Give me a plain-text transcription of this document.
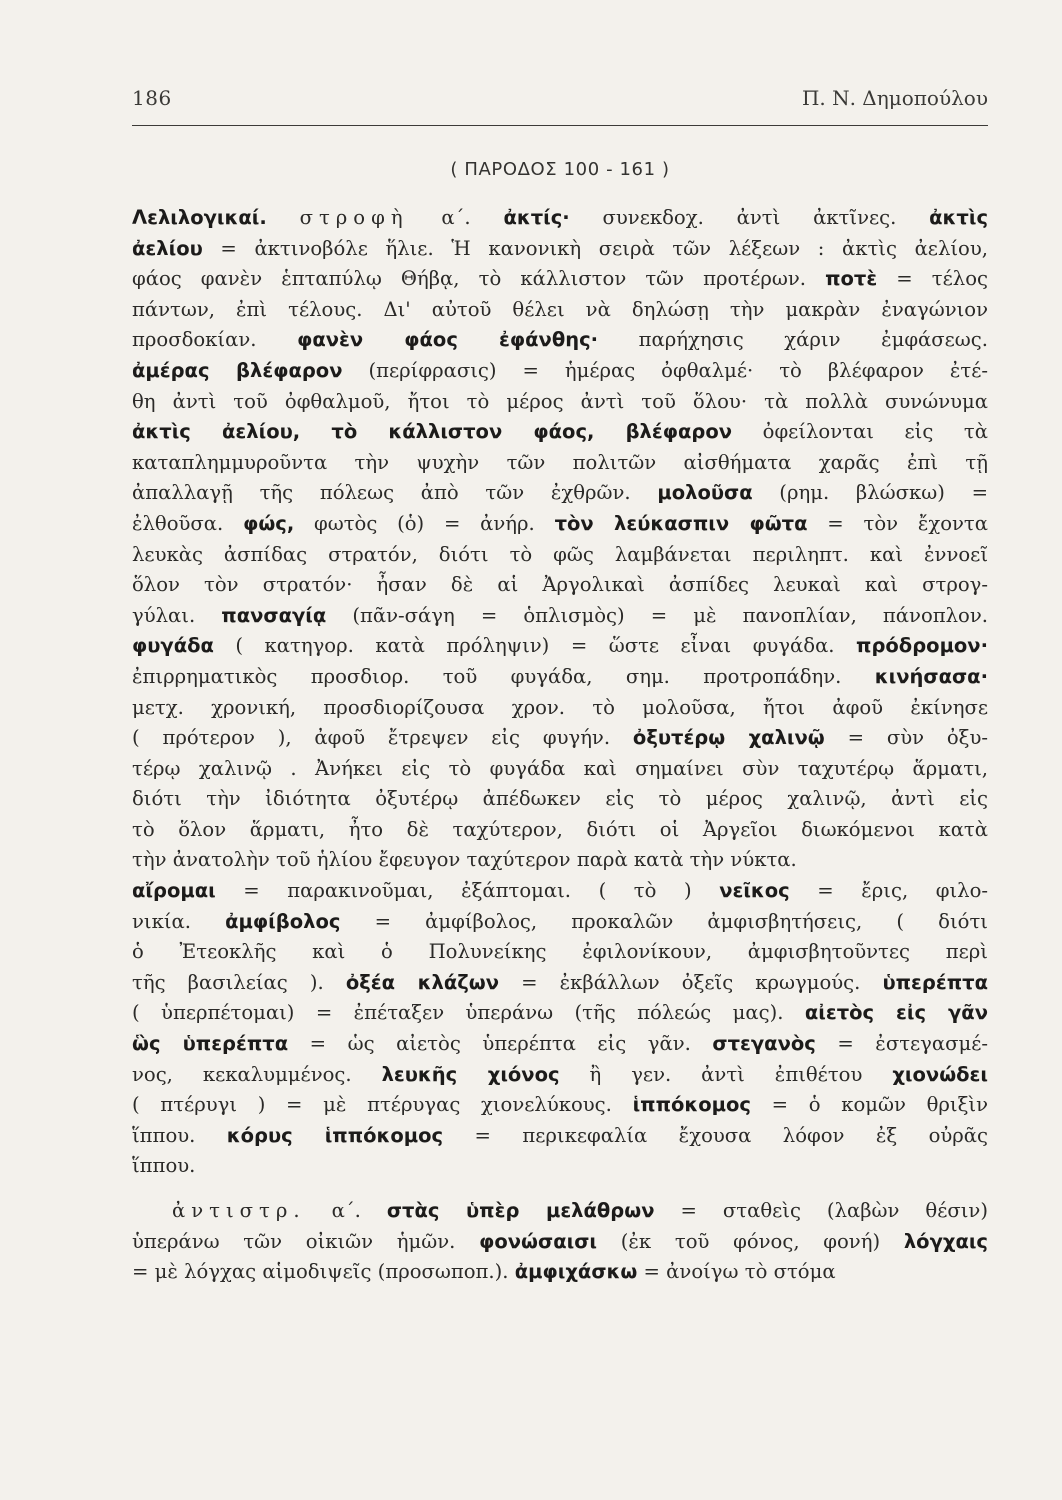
186	Π. Ν. Δημοπούλου
( ΠΑΡΟΔΟΣ 100 - 161 )
Λελιλογικαί. στροφὴ α΄. ἀκτίς· συνεκδοχ. ἀντὶ ἀκτῖνες. ἀκτὶς
ἀελίου = ἀκτινοβόλε ἥλιε. Ἡ κανονικὴ σειρὰ τῶν λέξεων : ἀκτὶς ἀελίου,
φάος φανὲν ἑπταπύλῳ Θήβᾳ, τὸ κάλλιστον τῶν προτέρων. ποτὲ = τέλος
πάντων, ἐπὶ τέλους. Δι' αὐτοῦ θέλει νὰ δηλώσῃ τὴν μακρὰν ἐναγώνιον
προσδοκίαν. φανὲν φάος ἐφάνθης· παρήχησις χάριν ἐμφάσεως.
ἀμέρας βλέφαρον (περίφρασις) = ἡμέρας ὀφθαλμέ· τὸ βλέφαρον ἐτέ-
θη ἀντὶ τοῦ ὀφθαλμοῦ, ἤτοι τὸ μέρος ἀντὶ τοῦ ὅλου· τὰ πολλὰ συνώνυμα
ἀκτὶς ἀελίου, τὸ κάλλιστον φάος, βλέφαρον ὀφείλονται εἰς τὰ
καταπλημμυροῦντα τὴν ψυχὴν τῶν πολιτῶν αἰσθήματα χαρᾶς ἐπὶ τῇ
ἀπαλλαγῇ τῆς πόλεως ἀπὸ τῶν ἐχθρῶν. μολοῦσα (ρημ. βλώσκω) =
ἐλθοῦσα. φώς, φωτὸς (ὁ) = ἀνήρ. τὸν λεύκασπιν φῶτα = τὸν ἔχοντα
λευκὰς ἀσπίδας στρατόν, διότι τὸ φῶς λαμβάνεται περιληπτ. καὶ ἐννοεῖ
ὅλον τὸν στρατόν· ἦσαν δὲ αἱ Ἀργολικαὶ ἀσπίδες λευκαὶ καὶ στρογ-
γύλαι. πανσαγίᾳ (πᾶν-σάγη = ὁπλισμὸς) = μὲ πανοπλίαν, πάνοπλον.
φυγάδα ( κατηγορ. κατὰ πρόληψιν) = ὥστε εἶναι φυγάδα. πρόδρομον·
ἐπιρρηματικὸς προσδιορ. τοῦ φυγάδα, σημ. προτροπάδην. κινήσασα·
μετχ. χρονική, προσδιορίζουσα χρον. τὸ μολοῦσα, ἤτοι ἀφοῦ ἐκίνησε
( πρότερον ), ἀφοῦ ἔτρεψεν εἰς φυγήν. ὀξυτέρῳ χαλινῷ = σὺν ὀξυ-
τέρῳ χαλινῷ . Ἀνήκει εἰς τὸ φυγάδα καὶ σημαίνει σὺν ταχυτέρῳ ἅρματι,
διότι τὴν ἰδιότητα ὀξυτέρῳ ἀπέδωκεν εἰς τὸ μέρος χαλινῷ, ἀντὶ εἰς
τὸ ὅλον ἅρματι, ἦτο δὲ ταχύτερον, διότι οἱ Ἀργεῖοι διωκόμενοι κατὰ
τὴν ἀνατολὴν τοῦ ἡλίου ἔφευγον ταχύτερον παρὰ κατὰ τὴν νύκτα.
αἴρομαι = παρακινοῦμαι, ἐξάπτομαι. ( τὸ ) νεῖκος = ἔρις, φιλο-
νικία. ἀμφίβολος = ἀμφίβολος, προκαλῶν ἀμφισβητήσεις, ( διότι
ὁ Ἐτεοκλῆς καὶ ὁ Πολυνείκης ἐφιλονίκουν, ἀμφισβητοῦντες περὶ
τῆς βασιλείας ). ὀξέα κλάζων = ἐκβάλλων ὀξεῖς κρωγμούς. ὑπερέπτα
( ὑπερπέτομαι) = ἐπέταξεν ὑπεράνω (τῆς πόλεώς μας). αἰετὸς εἰς γᾶν
ὣς ὑπερέπτα = ὡς αἰετὸς ὑπερέπτα εἰς γᾶν. στεγανὸς = ἐστεγασμέ-
νος, κεκαλυμμένος. λευκῆς χιόνος ἢ γεν. ἀντὶ ἐπιθέτου χιονώδει
( πτέρυγι ) = μὲ πτέρυγας χιονελύκους. ἱππόκομος = ὁ κομῶν θριξὶν
ἵππου. κόρυς ἱππόκομος = περικεφαλία ἔχουσα λόφον ἐξ οὐρᾶς
ἵππου.
ἀντιστρ. α΄. στὰς ὑπὲρ μελάθρων = σταθεὶς (λαβὼν θέσιν)
ὑπεράνω τῶν οἰκιῶν ἡμῶν. φονώσαισι (ἐκ τοῦ φόνος, φονή) λόγχαις
= μὲ λόγχας αἱμοδιψεῖς (προσωποπ.). ἀμφιχάσκω = ἀνοίγω τὸ στόμα
